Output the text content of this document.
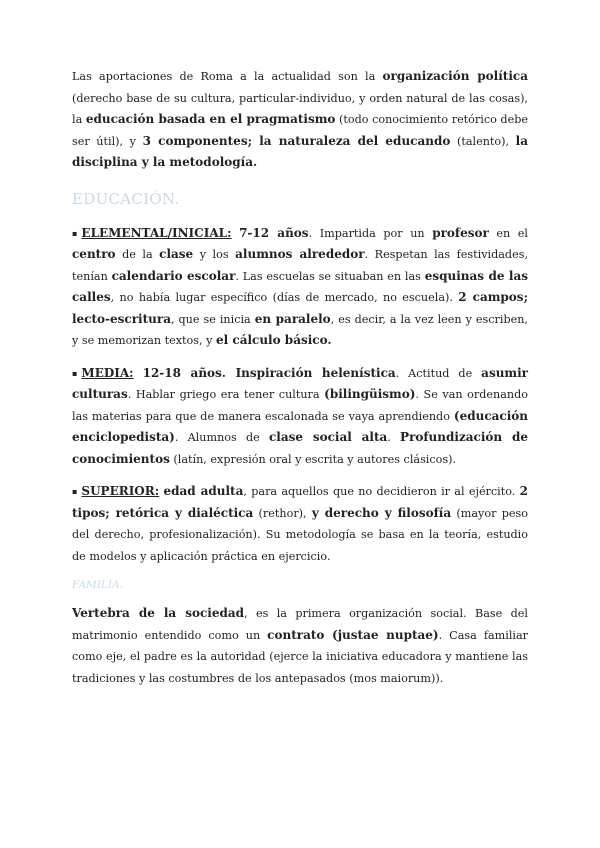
Las aportaciones de Roma a la actualidad son la organización política (derecho base de su cultura, particular-individuo, y orden natural de las cosas), la educación basada en el pragmatismo (todo conocimiento retórico debe ser útil), y 3 componentes; la naturaleza del educando (talento), la disciplina y la metodología.

EDUCACIÓN.

▪ ELEMENTAL/INICIAL: 7-12 años. Impartida por un profesor en el centro de la clase y los alumnos alrededor. Respetan las festividades, tenían calendario escolar. Las escuelas se situaban en las esquinas de las calles, no había lugar específico (días de mercado, no escuela). 2 campos; lecto-escritura, que se inicia en paralelo, es decir, a la vez leen y escriben, y se memorizan textos, y el cálculo básico.

▪ MEDIA: 12-18 años. Inspiración helenística. Actitud de asumir culturas. Hablar griego era tener cultura (bilingüismo). Se van ordenando las materias para que de manera escalonada se vaya aprendiendo (educación enciclopedista). Alumnos de clase social alta. Profundización de conocimientos (latín, expresión oral y escrita y autores clásicos).

▪ SUPERIOR: edad adulta, para aquellos que no decidieron ir al ejército. 2 tipos; retórica y dialéctica (rethor), y derecho y filosofía (mayor peso del derecho, profesionalización). Su metodología se basa en la teoría, estudio de modelos y aplicación práctica en ejercicio.

FAMILIA.

Vertebra de la sociedad, es la primera organización social. Base del matrimonio entendido como un contrato (justae nuptae). Casa familiar como eje, el padre es la autoridad (ejerce la iniciativa educadora y mantiene las tradiciones y las costumbres de los antepasados (mos maiorum)).
